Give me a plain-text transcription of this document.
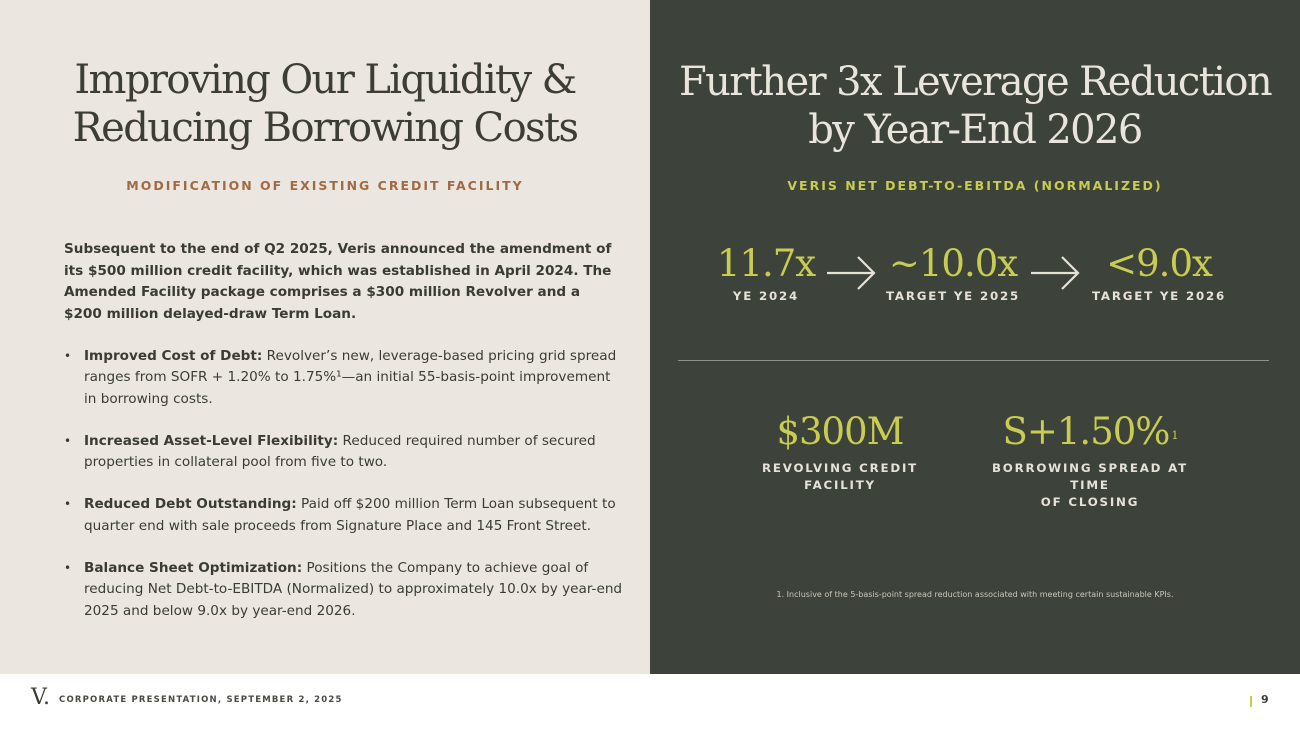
Improving Our Liquidity &
Reducing Borrowing Costs
MODIFICATION OF EXISTING CREDIT FACILITY

Subsequent to the end of Q2 2025, Veris announced the amendment of its $500 million credit facility, which was established in April 2024. The Amended Facility package comprises a $300 million Revolver and a $200 million delayed-draw Term Loan.

• Improved Cost of Debt: Revolver’s new, leverage-based pricing grid spread ranges from SOFR + 1.20% to 1.75%¹—an initial 55-basis-point improvement in borrowing costs.
• Increased Asset-Level Flexibility: Reduced required number of secured properties in collateral pool from five to two.
• Reduced Debt Outstanding: Paid off $200 million Term Loan subsequent to quarter end with sale proceeds from Signature Place and 145 Front Street.
• Balance Sheet Optimization: Positions the Company to achieve goal of reducing Net Debt-to-EBITDA (Normalized) to approximately 10.0x by year-end 2025 and below 9.0x by year-end 2026.
Further 3x Leverage Reduction
by Year-End 2026
VERIS NET DEBT-TO-EBITDA (NORMALIZED)
11.7x
YE 2024
~10.0x
TARGET YE 2025
<9.0x
TARGET YE 2026
$300M
REVOLVING CREDIT
FACILITY
S+1.50% $^1$
BORROWING SPREAD AT TIME
OF CLOSING
1. Inclusive of the 5-basis-point spread reduction associated with meeting certain sustainable KPIs.
V. CORPORATE PRESENTATION, SEPTEMBER 2, 2025	9
